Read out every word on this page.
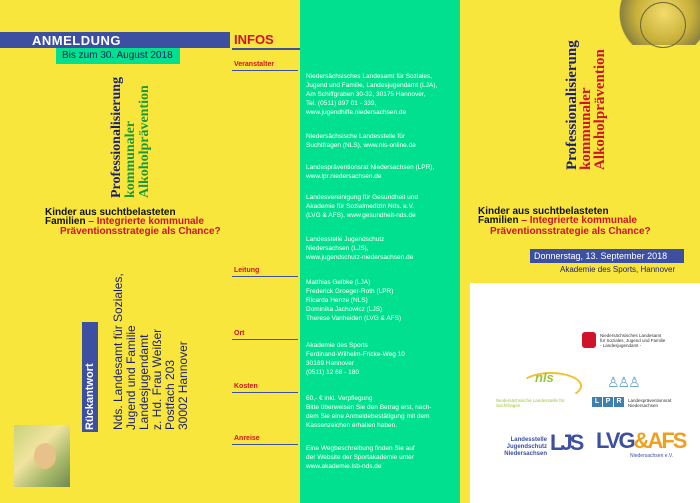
ANMELDUNG
Bis zum 30. August 2018
Professionalisierung kommunaler Alkoholprävention
Kinder aus suchtbelasteten
Familien – Integrierte kommunale
Präventionsstrategie als Chance?
Rückantwort Nds. Landesamt für Soziales, Jugend und Familie Landesjugendamt z. Hd. Frau Weißer Postfach 203 30002 Hannover
INFOS
Veranstalter
Niedersächsisches Landesamt für Soziales,
Jugend und Familie, Landesjugendamt (LJA),
Am Schiffgraben 30-32, 30175 Hannover,
Tel. (0511) 897 01 - 339,
www.jugendhilfe.niedersachsen.de
Niedersächsische Landesstelle für
Suchtfragen (NLS), www.nls-online.de
Landespräventionsrat Niedersachsen (LPR),
www.lpr.niedersachsen.de
Landesvereinigung für Gesundheit und
Akademie für Sozialmedizin Nds. e.V.
(LVG & AFS), www.gesundheit-nds.de
Landesstelle Jugendschutz
Niedersachsen (LJS),
www.jugendschutz-niedersachsen.de
Leitung
Matthias Gelbke (LJA)
Frederick Groeger-Roth (LPR)
Ricarda Henze (NLS)
Dominika Jachowicz (LJS)
Therese Vanheiden (LVG & AFS)
Ort
Akademie des Sports
Ferdinand-Wilhelm-Fricke-Weg 10
30169 Hannover
(0511) 12 68 - 180
Kosten
60,- € inkl. Verpflegung
Bitte überweisen Sie den Betrag erst, nach-
dem Sie eine Anmeldebestätigung mit dem
Kassenzeichen erhalten haben.
Anreise
Eine Wegbeschreibung finden Sie auf
der Website der Sportakademie unter
www.akademie.lsb-nds.de
Professionalisierung
kommunaler
Alkoholprävention
Kinder aus suchtbelasteten
Familien – Integrierte kommunale
Präventionsstrategie als Chance?
Donnerstag, 13. September 2018
Akademie des Sports, Hannover
Niedersächsisches Landesamt
für Soziales, Jugend und Familie
- Landesjugendamt -
nls
Niedersächsische Landesstelle für Suchtfragen
♙♙♙
L P R	Landespräventionsrat
Niedersachsen
Landesstelle
Jugendschutz
Niedersachsen LJS LVG&AFS
Niedersachsen e.V.
